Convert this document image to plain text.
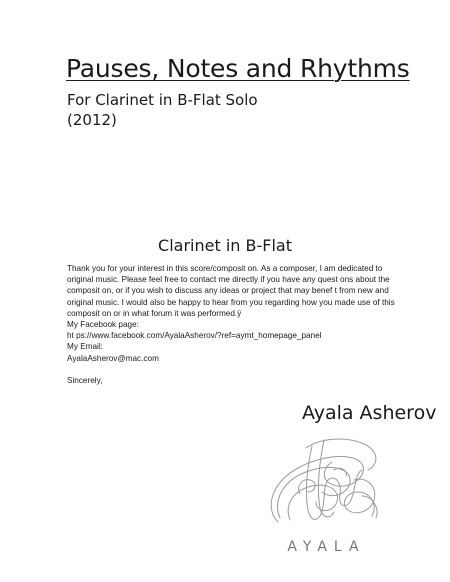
Pauses, Notes and Rhythms
For Clarinet in B-Flat Solo
(2012)
Clarinet in B-Flat
Thank you for your interest in this score/composit on. As a composer, I am dedicated to
original music. Please feel free to contact me directly if you have any quest ons about the
composit on, or if you wish to discuss any ideas or project that may benef t from new and
original music. I would also be happy to hear from you regarding how you made use of this
composit on or in what forum it was performed.ÿ
My Facebook page:
ht ps://www.facebook.com/AyalaAsherov/?ref=aymt_homepage_panel
My Email:
AyalaAsherov@mac.com
Sincerely,
Ayala Asherov
AYALA
